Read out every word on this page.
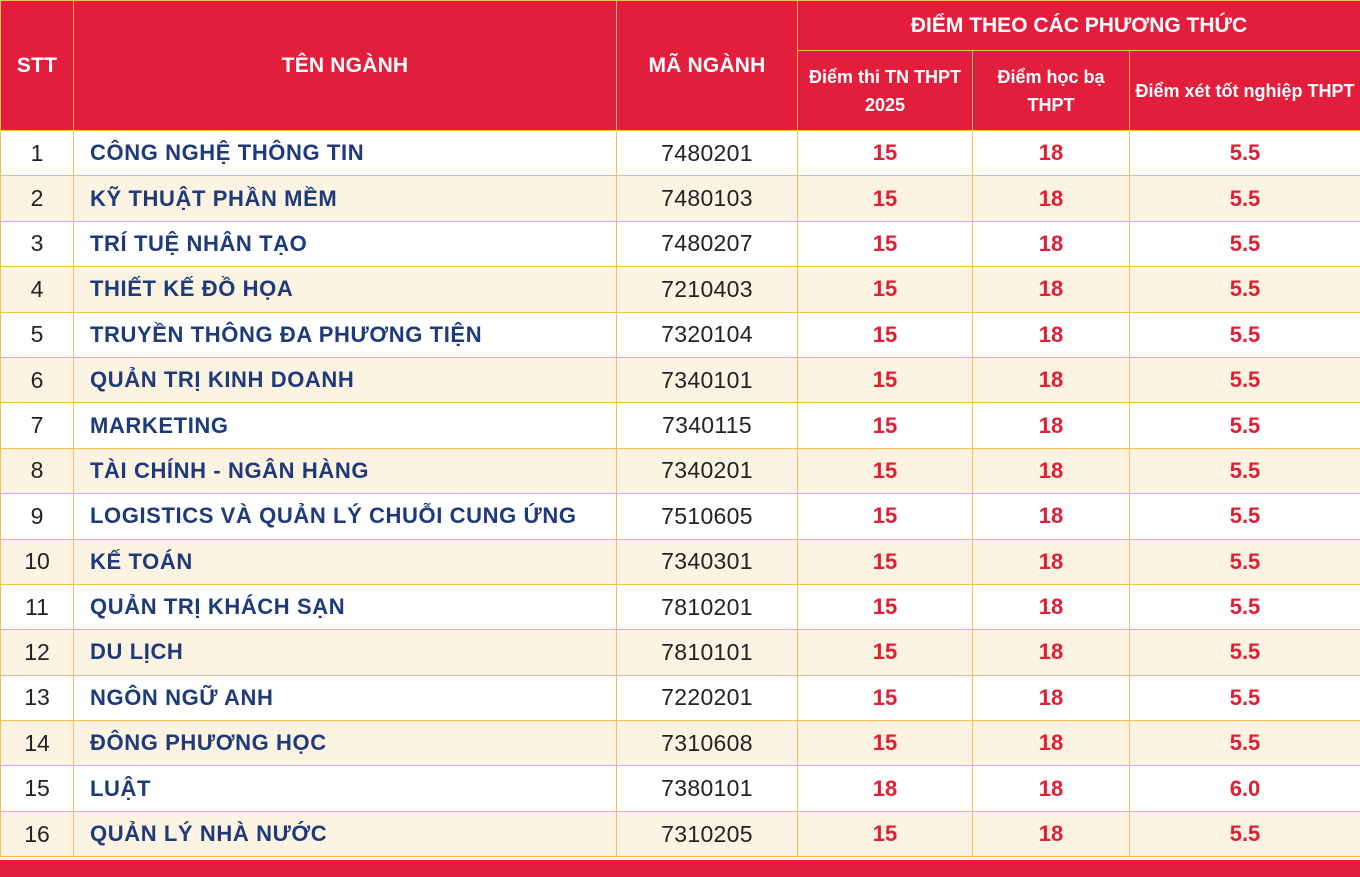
STT	TÊN NGÀNH	MÃ NGÀNH	ĐIỂM THEO CÁC PHƯƠNG THỨC		
			Điểm thi TN THPT 2025	Điểm học bạ THPT	Điểm xét tốt nghiệp THPT
1	CÔNG NGHỆ THÔNG TIN	7480201	15	18	5.5
2	KỸ THUẬT PHẦN MỀM	7480103	15	18	5.5
3	TRÍ TUỆ NHÂN TẠO	7480207	15	18	5.5
4	THIẾT KẾ ĐỒ HỌA	7210403	15	18	5.5
5	TRUYỀN THÔNG ĐA PHƯƠNG TIỆN	7320104	15	18	5.5
6	QUẢN TRỊ KINH DOANH	7340101	15	18	5.5
7	MARKETING	7340115	15	18	5.5
8	TÀI CHÍNH - NGÂN HÀNG	7340201	15	18	5.5
9	LOGISTICS VÀ QUẢN LÝ CHUỖI CUNG ỨNG	7510605	15	18	5.5
10	KẾ TOÁN	7340301	15	18	5.5
11	QUẢN TRỊ KHÁCH SẠN	7810201	15	18	5.5
12	DU LỊCH	7810101	15	18	5.5
13	NGÔN NGỮ ANH	7220201	15	18	5.5
14	ĐÔNG PHƯƠNG HỌC	7310608	15	18	5.5
15	LUẬT	7380101	18	18	6.0
16	QUẢN LÝ NHÀ NƯỚC	7310205	15	18	5.5
